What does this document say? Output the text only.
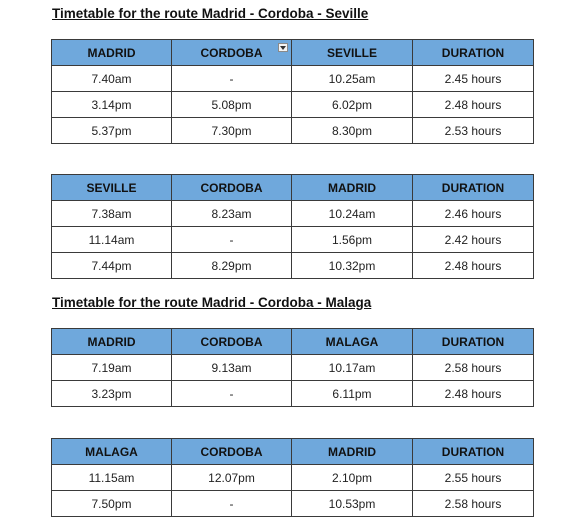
Timetable for the route Madrid - Cordoba - Seville
MADRID	CORDOBA	SEVILLE	DURATION
7.40am	-	10.25am	2.45 hours
3.14pm	5.08pm	6.02pm	2.48 hours
5.37pm	7.30pm	8.30pm	2.53 hours
SEVILLE	CORDOBA	MADRID	DURATION
7.38am	8.23am	10.24am	2.46 hours
11.14am	-	1.56pm	2.42 hours
7.44pm	8.29pm	10.32pm	2.48 hours
Timetable for the route Madrid - Cordoba - Malaga
MADRID	CORDOBA	MALAGA	DURATION
7.19am	9.13am	10.17am	2.58 hours
3.23pm	-	6.11pm	2.48 hours
MALAGA	CORDOBA	MADRID	DURATION
11.15am	12.07pm	2.10pm	2.55 hours
7.50pm	-	10.53pm	2.58 hours
